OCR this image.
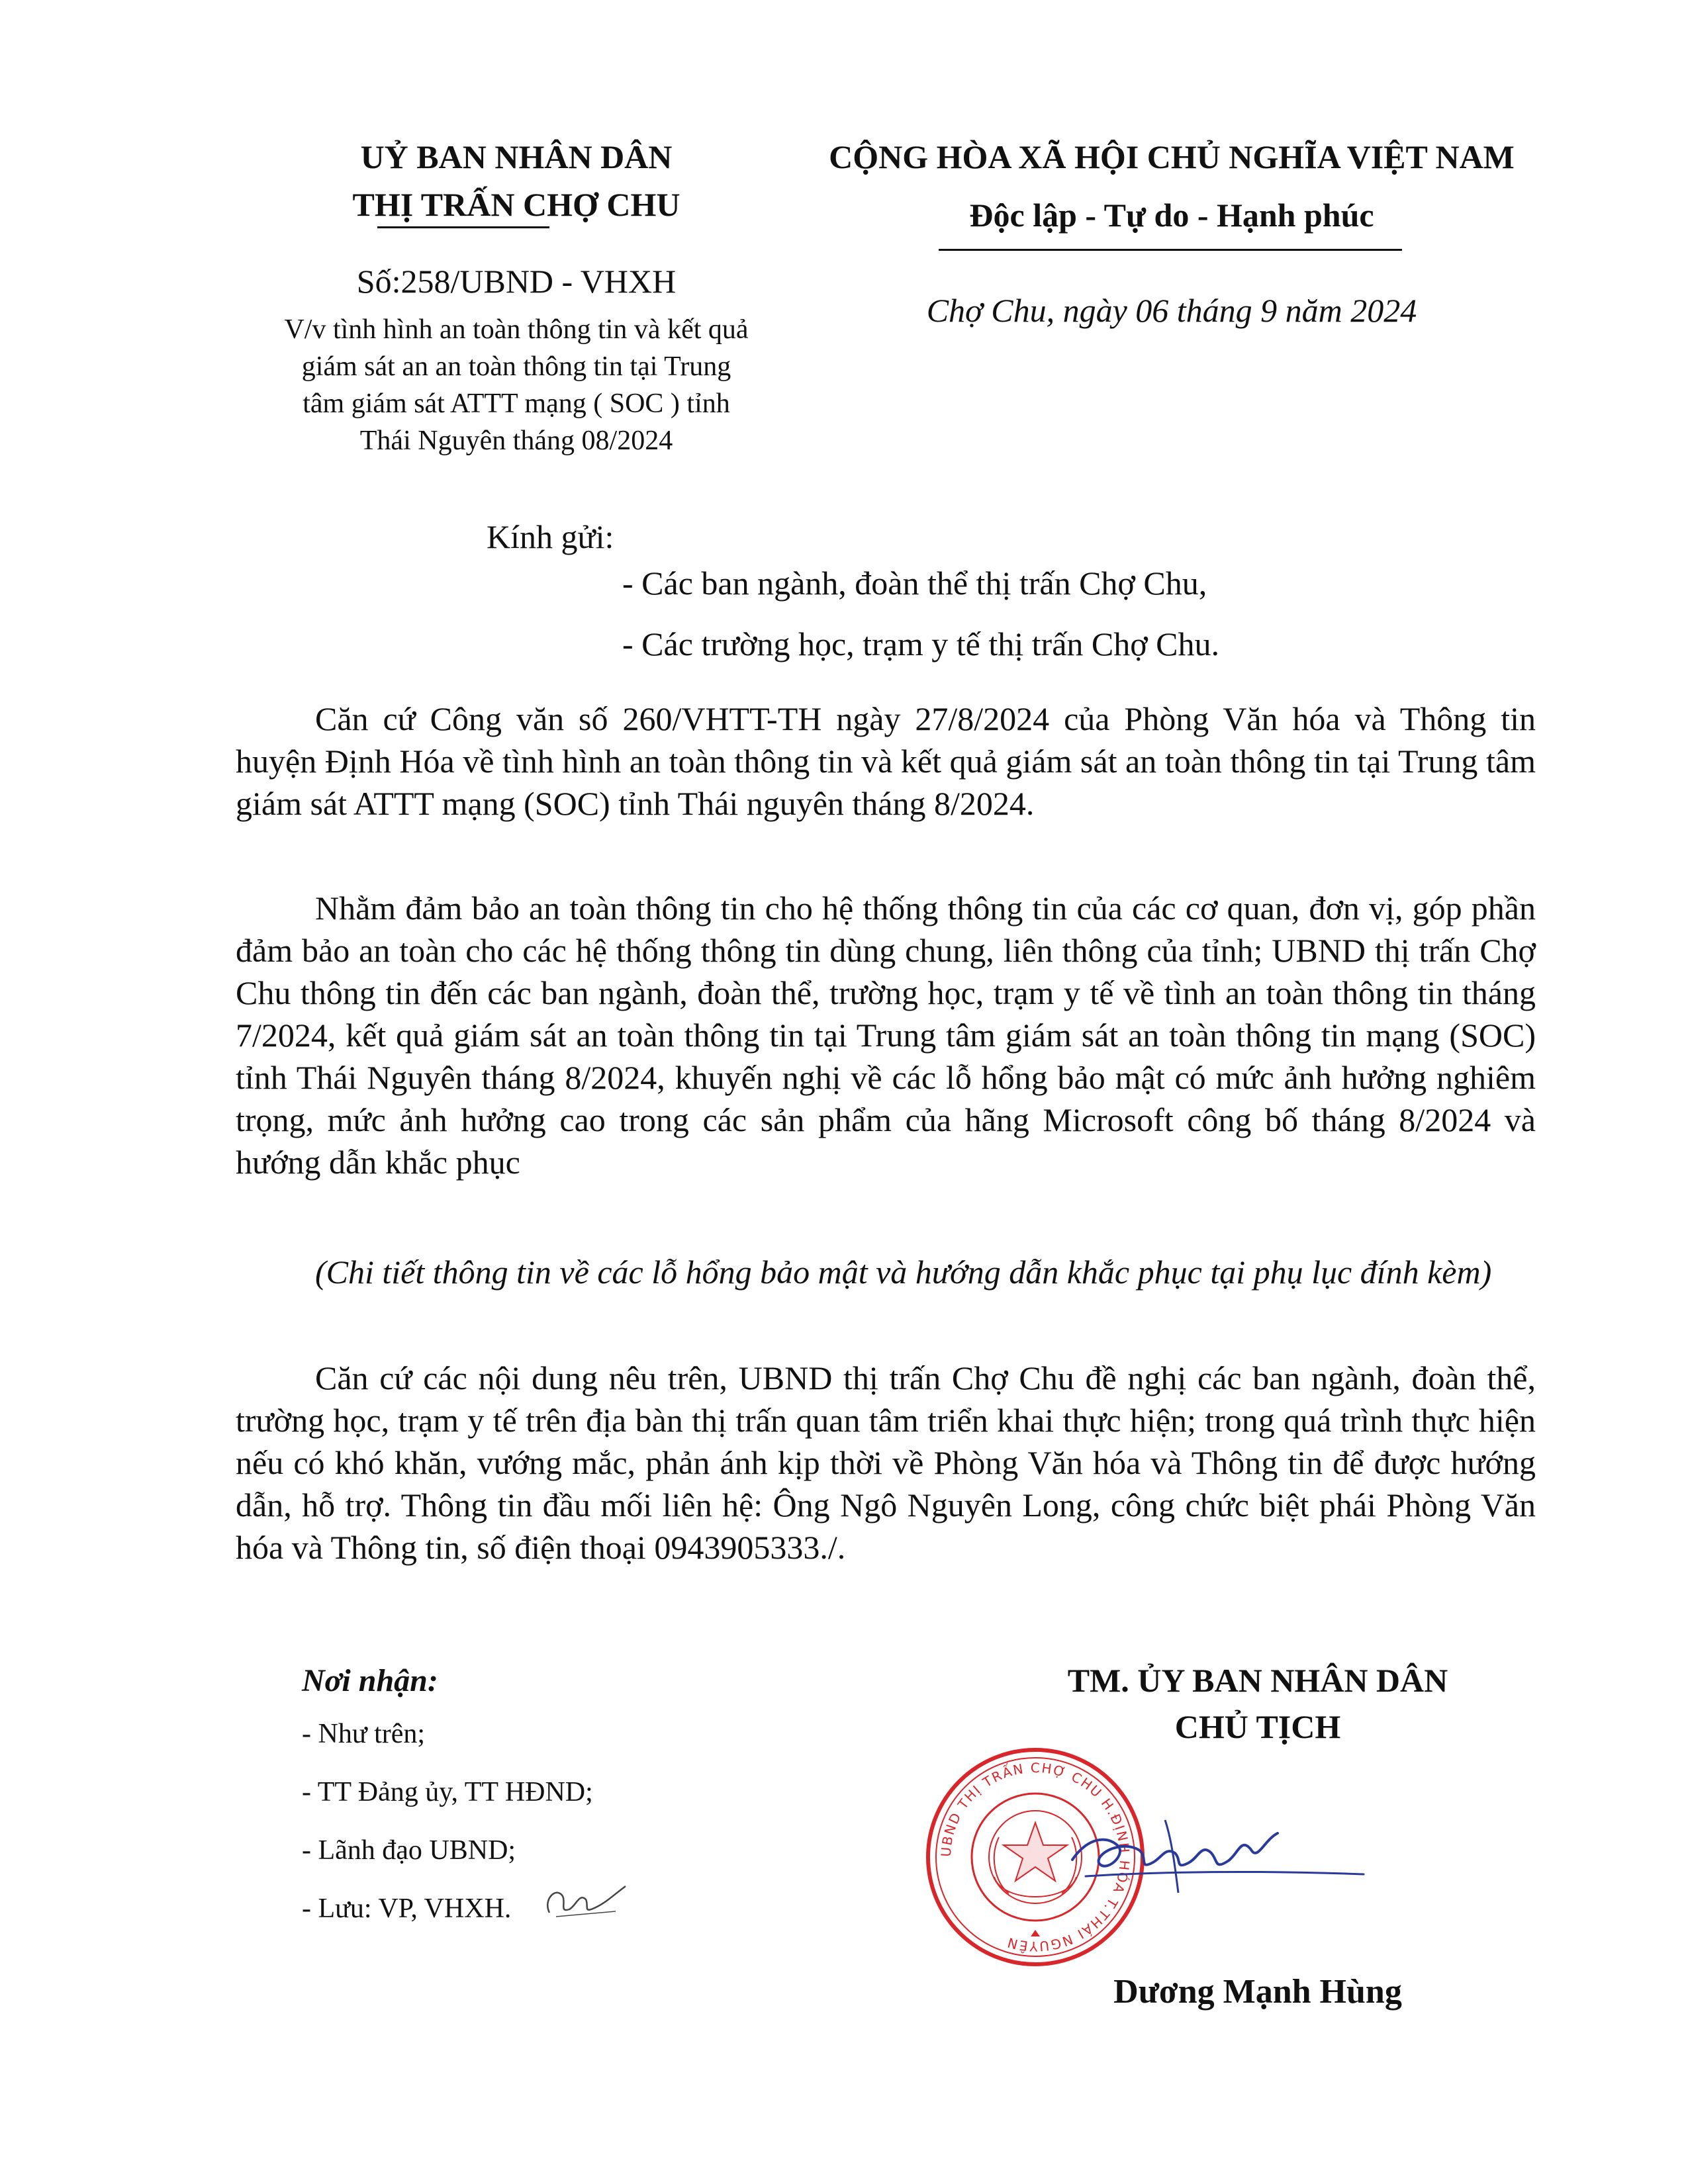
UỶ BAN NHÂN DÂN
THỊ TRẤN CHỢ CHU
Số:258/UBND - VHXH
V/v tình hình an toàn thông tin và kết quả
giám sát an an toàn thông tin tại Trung
tâm giám sát ATTT mạng ( SOC ) tỉnh
Thái Nguyên tháng 08/2024
CỘNG HÒA XÃ HỘI CHỦ NGHĨA VIỆT NAM
Độc lập - Tự do - Hạnh phúc
Chợ Chu, ngày 06 tháng 9 năm 2024
Kính gửi:
- Các ban ngành, đoàn thể thị trấn Chợ Chu,
- Các trường học, trạm y tế thị trấn Chợ Chu.
Căn cứ Công văn số 260/VHTT-TH ngày 27/8/2024 của Phòng Văn hóa và Thông tin huyện Định Hóa về tình hình an toàn thông tin và kết quả giám sát an toàn thông tin tại Trung tâm giám sát ATTT mạng (SOC) tỉnh Thái nguyên tháng 8/2024.
Nhằm đảm bảo an toàn thông tin cho hệ thống thông tin của các cơ quan, đơn vị, góp phần đảm bảo an toàn cho các hệ thống thông tin dùng chung, liên thông của tỉnh; UBND thị trấn Chợ Chu thông tin đến các ban ngành, đoàn thể, trường học, trạm y tế về tình an toàn thông tin tháng 7/2024, kết quả giám sát an toàn thông tin tại Trung tâm giám sát an toàn thông tin mạng (SOC) tỉnh Thái Nguyên tháng 8/2024, khuyến nghị về các lỗ hổng bảo mật có mức ảnh hưởng nghiêm trọng, mức ảnh hưởng cao trong các sản phẩm của hãng Microsoft công bố tháng 8/2024 và hướng dẫn khắc phục
(Chi tiết thông tin về các lỗ hổng bảo mật và hướng dẫn khắc phục tại phụ lục đính kèm)
Căn cứ các nội dung nêu trên, UBND thị trấn Chợ Chu đề nghị các ban ngành, đoàn thể, trường học, trạm y tế trên địa bàn thị trấn quan tâm triển khai thực hiện; trong quá trình thực hiện nếu có khó khăn, vướng mắc, phản ánh kịp thời về Phòng Văn hóa và Thông tin để được hướng dẫn, hỗ trợ. Thông tin đầu mối liên hệ: Ông Ngô Nguyên Long, công chức biệt phái Phòng Văn hóa và Thông tin, số điện thoại 0943905333./.
Nơi nhận:
- Như trên;
- TT Đảng ủy, TT HĐND;
- Lãnh đạo UBND;
- Lưu: VP, VHXH.
TM. ỦY BAN NHÂN DÂN
CHỦ TỊCH
UBND THỊ TRẤN CHỢ CHU H.ĐỊNH HÓA T.THÁI NGUYÊN
Dương Mạnh Hùng
